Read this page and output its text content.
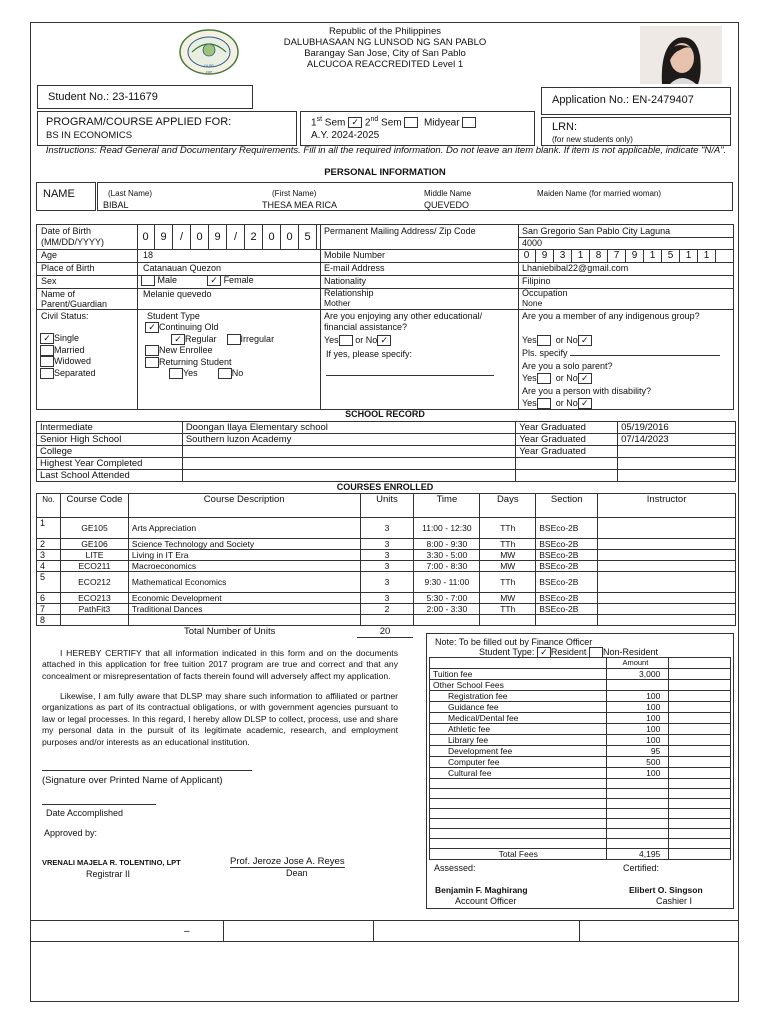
DLSP
1997
Republic of the Philippines
DALUBHASAAN NG LUNSOD NG SAN PABLO
Barangay San Jose, City of San Pablo
ALCUCOA REACCREDITED Level 1
Student No.: 23-11679	Application No.: EN-2479407
PROGRAM/COURSE APPLIED FOR:
BS IN ECONOMICS
1st Sem ✓ 2nd Sem Midyear
A.Y. 2024-2025
LRN:
(for new students only)
Instructions: Read General and Documentary Requirements. Fill in all the required information. Do not leave an item blank. If item is not applicable, indicate "N/A".
PERSONAL INFORMATION
NAME	(Last Name)	(First Name)	Middle Name	Maiden Name (for married woman)
BIBAL	THESA MEA RICA	QUEVEDO
Date of Birth (MM/DD/YYYY)	0 9 / 0 9 / 2 0 0 5	Permanent Mailing Address/ Zip Code	San Gregorio San Pablo City Laguna
4000
Age	18	Mobile Number	0 9 3 1 8 7 9 1 5 1 1
Place of Birth	Catanauan Quezon	E-mail Address	Lhaniebibal22@gmail.com
Sex	Male	✓ Female	Nationality	Filipino
Name of Parent/Guardian
Melanie quevedo	Relationship
Mother
Occupation
None
Civil Status:
✓ Single
Married
Widowed
Separated
Student Type
✓ Continuing Old
✓ Regular	Irregular
New Enrollee
Returning Student
Yes	No
Are you enjoying any other educational/ financial assistance?
Yes or No ✓
If yes, please specify:
Are you a member of any indigenous group?
Yes or No ✓
Pls. specify
Are you a solo parent?
Yes or No ✓
Are you a person with disability?
Yes or No ✓
SCHOOL RECORD
Intermediate	Doongan Ilaya Elementary school	Year Graduated	05/19/2016
Senior High School	Southern luzon Academy	Year Graduated	07/14/2023
College		Year Graduated	
Highest Year Completed			
Last School Attended			
COURSES ENROLLED
No.	Course Code	Course Description	Units	Time	Days	Section	Instructor
1	GE105	Arts Appreciation	3	11:00 - 12:30	TTh	BSEco-2B	
2	GE106	Science Technology and Society	3	8:00 - 9:30	TTh	BSEco-2B	
3	LITE	Living in IT Era	3	3:30 - 5:00	MW	BSEco-2B	
4	ECO211	Macroeconomics	3	7:00 - 8:30	MW	BSEco-2B	
5	ECO212	Mathematical Economics	3	9:30 - 11:00	TTh	BSEco-2B	
6	ECO213	Economic Development	3	5:30 - 7:00	MW	BSEco-2B	
7	PathFit3	Traditional Dances	2	2:00 - 3:30	TTh	BSEco-2B	
8							
Total Number of Units	20
I HEREBY CERTIFY that all information indicated in this form and on the documents attached in this application for free tuition 2017 program are true and correct and that any concealment or misrepresentation of facts therein found will adversely affect my application.
Likewise, I am fully aware that DLSP may share such information to affiliated or partner organizations as part of its contractual obligations, or with government agencies pursuant to law or legal processes. In this regard, I hereby allow DLSP to collect, process, use and share my personal data in the pursuit of its legitimate academic, research, and employment purposes and/or interests as an educational institution.
(Signature over Printed Name of Applicant)
Date Accomplished
Approved by:
VRENALI MAJELA R. TOLENTINO, LPT
Registrar II
Prof. Jeroze Jose A. Reyes
Dean
Note: To be filled out by Finance Officer
Student Type: ✓ Resident Non-Resident
	Amount	
Tuition fee	3,000	
Other School Fees		
Registration fee	100	
Guidance fee	100	
Medical/Dental fee	100	
Athletic fee	100	
Library fee	100	
Development fee	95	
Computer fee	500	
Cultural fee	100	

Total Fees	4,195	
Assessed:	Certified:
Benjamin F. Maghirang
Account Officer
Elibert O. Singson
Cashier I
–
